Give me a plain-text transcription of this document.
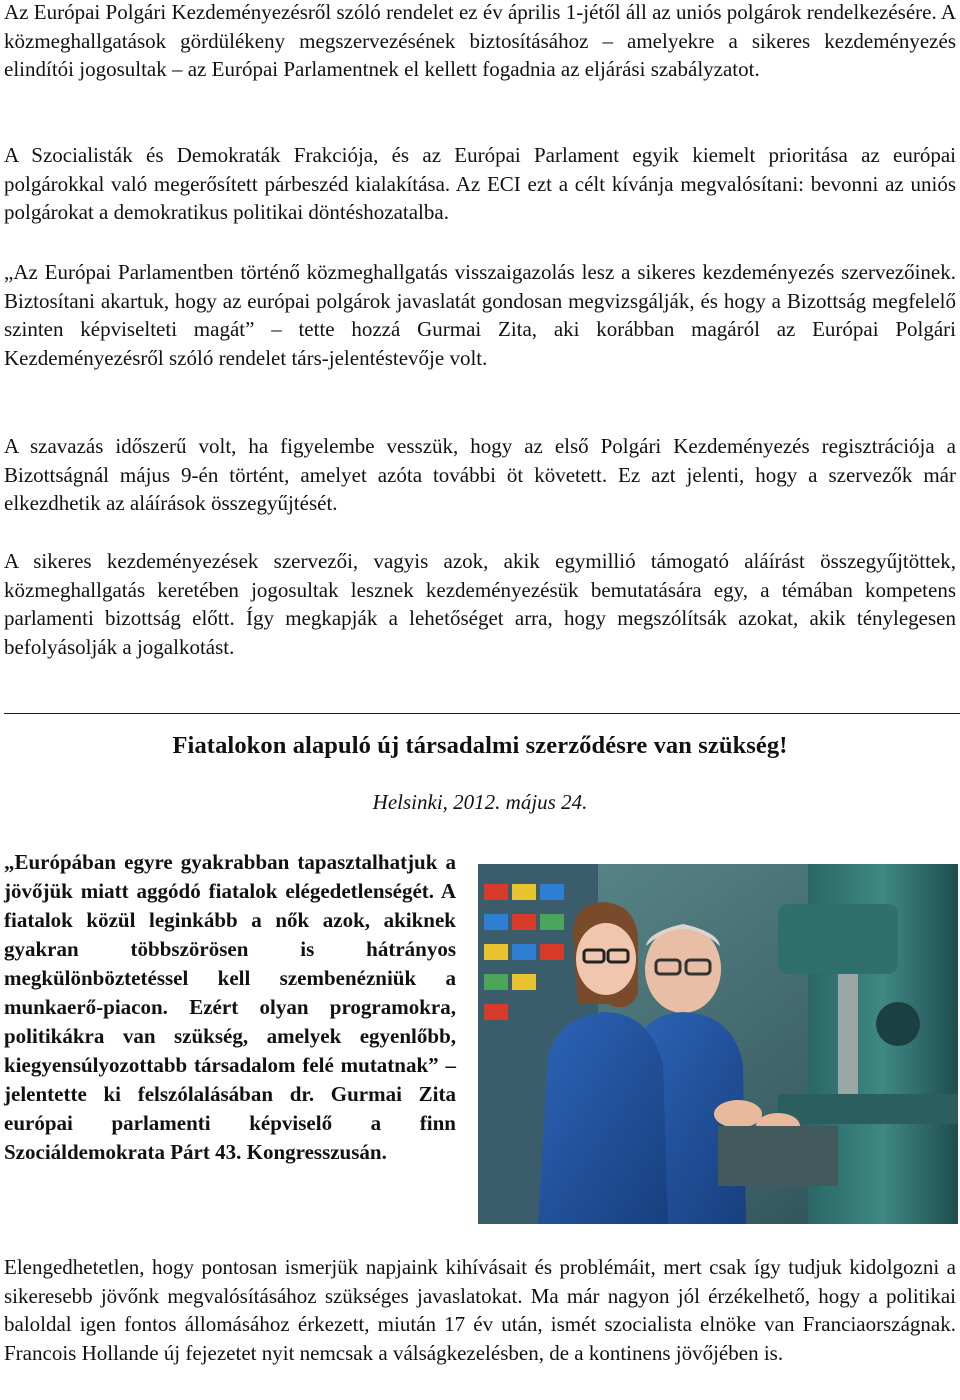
Az Európai Polgári Kezdeményezésről szóló rendelet ez év április 1-jétől áll az uniós polgárok rendelkezésére. A közmeghallgatások gördülékeny megszervezésének biztosításához – amelyekre a sikeres kezdeményezés elindítói jogosultak – az Európai Parlamentnek el kellett fogadnia az eljárási szabályzatot.

A Szocialisták és Demokraták Frakciója, és az Európai Parlament egyik kiemelt prioritása az európai polgárokkal való megerősített párbeszéd kialakítása. Az ECI ezt a célt kívánja megvalósítani: bevonni az uniós polgárokat a demokratikus politikai döntéshozatalba.

„Az Európai Parlamentben történő közmeghallgatás visszaigazolás lesz a sikeres kezdeményezés szervezőinek. Biztosítani akartuk, hogy az európai polgárok javaslatát gondosan megvizsgálják, és hogy a Bizottság megfelelő szinten képviselteti magát” – tette hozzá Gurmai Zita, aki korábban magáról az Európai Polgári Kezdeményezésről szóló rendelet társ-jelentéstevője volt.

A szavazás időszerű volt, ha figyelembe vesszük, hogy az első Polgári Kezdeményezés regisztrációja a Bizottságnál május 9-én történt, amelyet azóta további öt követett. Ez azt jelenti, hogy a szervezők már elkezdhetik az aláírások összegyűjtését.

A sikeres kezdeményezések szervezői, vagyis azok, akik egymillió támogató aláírást összegyűjtöttek, közmeghallgatás keretében jogosultak lesznek kezdeményezésük bemutatására egy, a témában kompetens parlamenti bizottság előtt. Így megkapják a lehetőséget arra, hogy megszólítsák azokat, akik ténylegesen befolyásolják a jogalkotást.

Fiatalokon alapuló új társadalmi szerződésre van szükség!

Helsinki, 2012. május 24.

„Európában egyre gyakrabban tapasztalhatjuk a jövőjük miatt aggódó fiatalok elégedetlenségét. A fiatalok közül leginkább a nők azok, akiknek gyakran többszörösen is hátrányos megkülönböztetéssel kell szembenézniük a munkaerő-piacon. Ezért olyan programokra, politikákra van szükség, amelyek egyenlőbb, kiegyensúlyozottabb társadalom felé mutatnak” – jelentette ki felszólalásában dr. Gurmai Zita európai parlamenti képviselő a finn Szociáldemokrata Párt 43. Kongresszusán.

Elengedhetetlen, hogy pontosan ismerjük napjaink kihívásait és problémáit, mert csak így tudjuk kidolgozni a sikeresebb jövőnk megvalósításához szükséges javaslatokat. Ma már nagyon jól érzékelhető, hogy a politikai baloldal igen fontos állomásához érkezett, miután 17 év után, ismét szocialista elnöke van Franciaországnak. Francois Hollande új fejezetet nyit nemcsak a válságkezelésben, de a kontinens jövőjében is.
